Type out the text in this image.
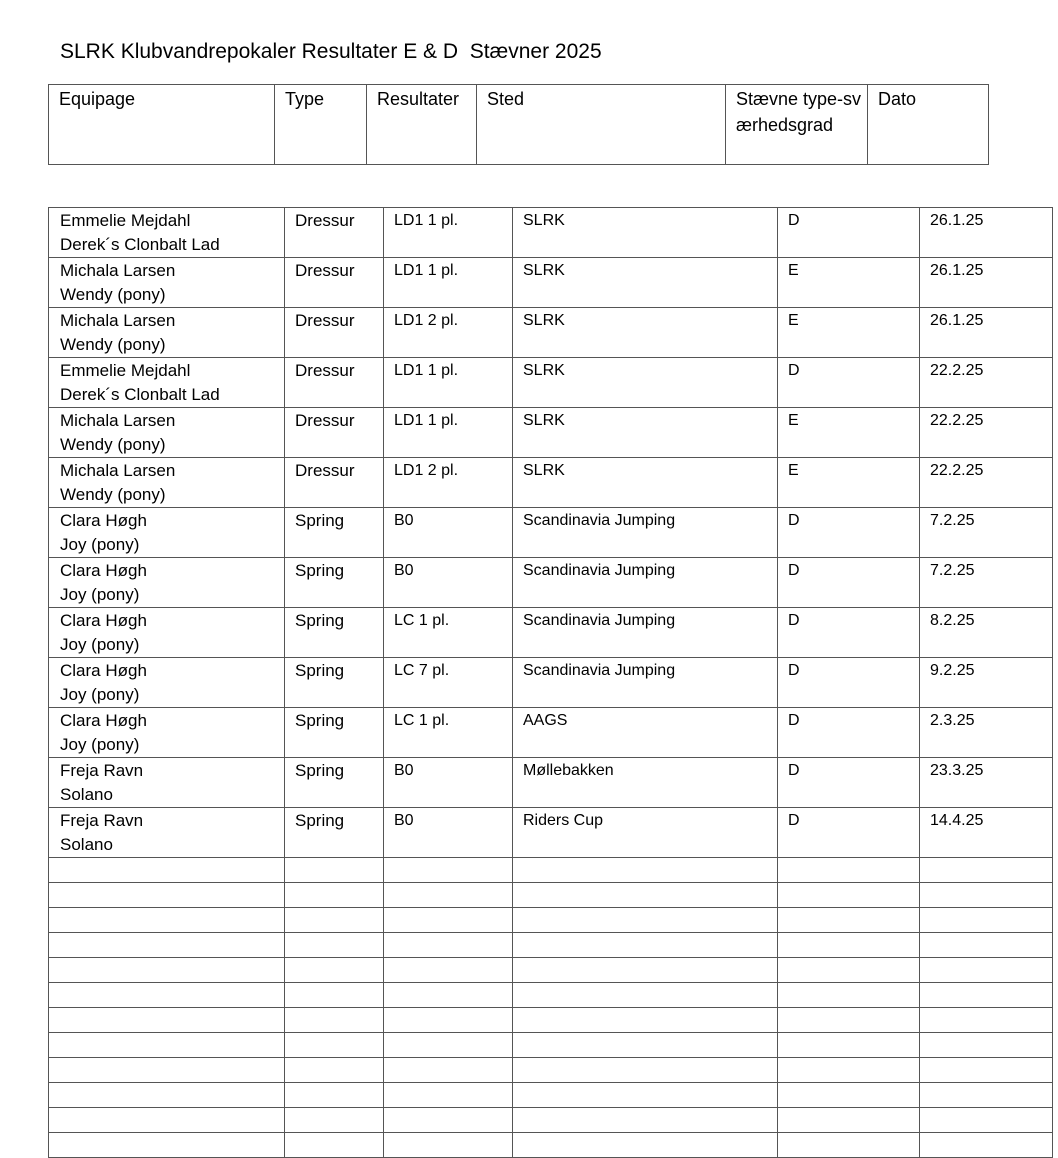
SLRK Klubvandrepokaler Resultater E & D  Stævner 2025
Equipage	Type	Resultater	Sted	Stævne type-sværhedsgrad	Dato
Emmelie Mejdahl
Derek´s Clonbalt Lad	Dressur	LD1 1 pl.	SLRK	D	26.1.25

Michala Larsen
Wendy (pony)	Dressur	LD1 1 pl.	SLRK	E	26.1.25

Michala Larsen
Wendy (pony)	Dressur	LD1 2 pl.	SLRK	E	26.1.25

Emmelie Mejdahl
Derek´s Clonbalt Lad	Dressur	LD1 1 pl.	SLRK	D	22.2.25

Michala Larsen
Wendy (pony)	Dressur	LD1 1 pl.	SLRK	E	22.2.25

Michala Larsen
Wendy (pony)	Dressur	LD1 2 pl.	SLRK	E	22.2.25

Clara Høgh
Joy (pony)	Spring	B0	Scandinavia Jumping	D	7.2.25

Clara Høgh
Joy (pony)	Spring	B0	Scandinavia Jumping	D	7.2.25

Clara Høgh
Joy (pony)	Spring	LC 1 pl.	Scandinavia Jumping	D	8.2.25

Clara Høgh
Joy (pony)	Spring	LC 7 pl.	Scandinavia Jumping	D	9.2.25

Clara Høgh
Joy (pony)	Spring	LC 1 pl.	AAGS	D	2.3.25

Freja Ravn
Solano	Spring	B0	Møllebakken	D	23.3.25

Freja Ravn
Solano	Spring	B0	Riders Cup	D	14.4.25
